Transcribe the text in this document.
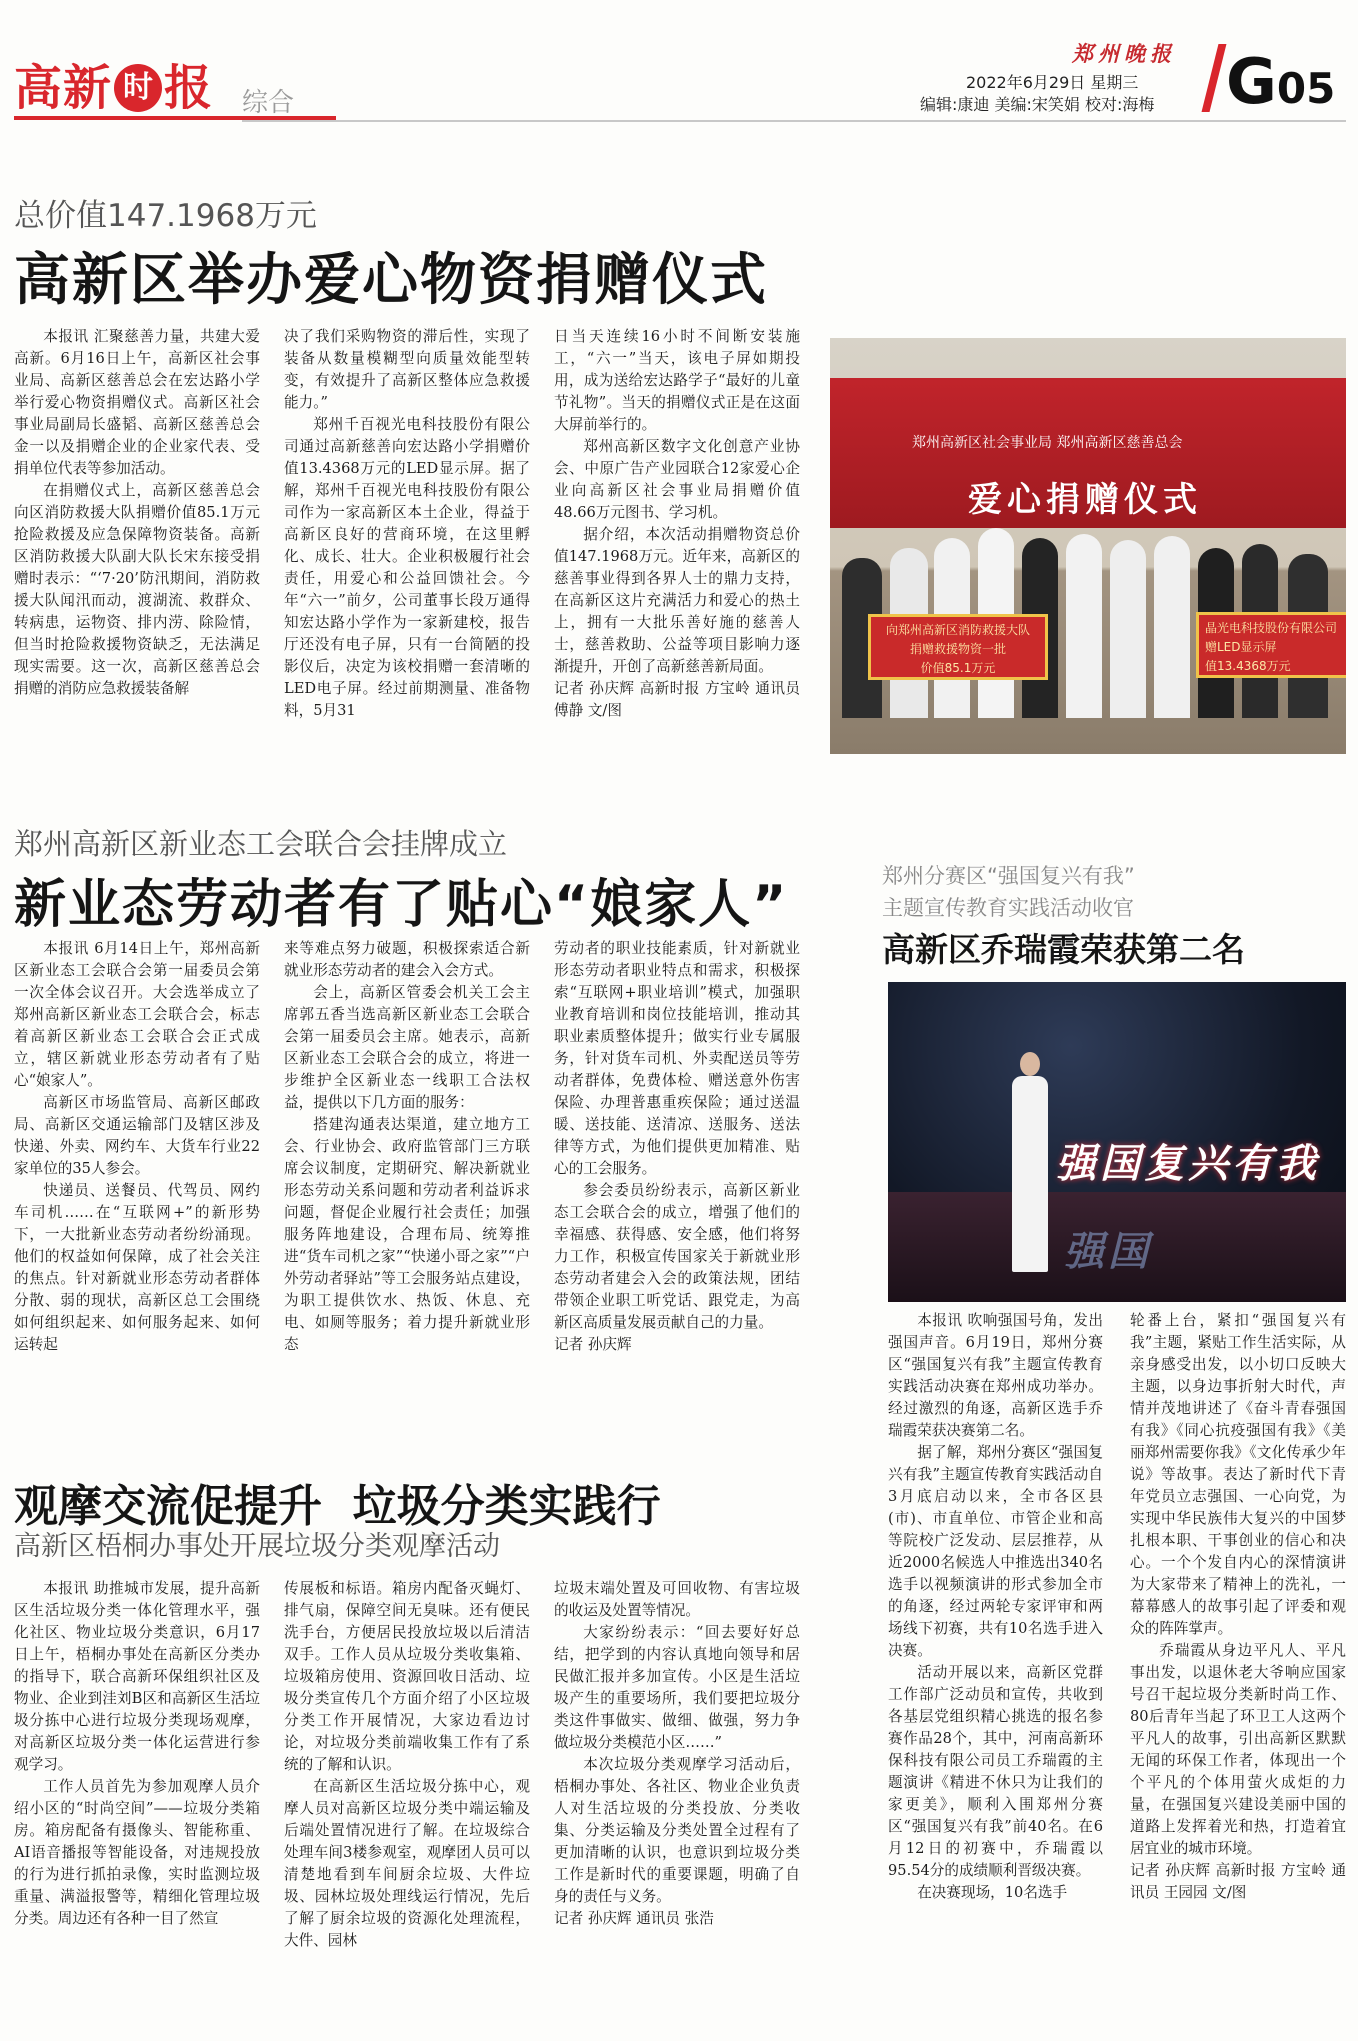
高新 时 报 综合
郑州晚报
2022年6月29日 星期三
编辑:康迪 美编:宋笑娟 校对:海梅 G05
总价值147.1968万元
高新区举办爱心物资捐赠仪式

本报讯 汇聚慈善力量，共建大爱高新。6月16日上午，高新区社会事业局、高新区慈善总会在宏达路小学举行爱心物资捐赠仪式。高新区社会事业局副局长盛韬、高新区慈善总会金一以及捐赠企业的企业家代表、受捐单位代表等参加活动。

在捐赠仪式上，高新区慈善总会向区消防救援大队捐赠价值85.1万元抢险救援及应急保障物资装备。高新区消防救援大队副大队长宋东接受捐赠时表示：“‘7·20’防汛期间，消防救援大队闻汛而动，渡湖流、救群众、转病患，运物资、排内涝、除险情，但当时抢险救援物资缺乏，无法满足现实需要。这一次，高新区慈善总会捐赠的消防应急救援装备解

决了我们采购物资的滞后性，实现了装备从数量模糊型向质量效能型转变，有效提升了高新区整体应急救援能力。”

郑州千百视光电科技股份有限公司通过高新慈善向宏达路小学捐赠价值13.4368万元的LED显示屏。据了解，郑州千百视光电科技股份有限公司作为一家高新区本土企业，得益于高新区良好的营商环境，在这里孵化、成长、壮大。企业积极履行社会责任，用爱心和公益回馈社会。今年“六一”前夕，公司董事长段万通得知宏达路小学作为一家新建校，报告厅还没有电子屏，只有一台简陋的投影仪后，决定为该校捐赠一套清晰的LED电子屏。经过前期测量、准备物料，5月31

日当天连续16小时不间断安装施工，“六一”当天，该电子屏如期投用，成为送给宏达路学子“最好的儿童节礼物”。当天的捐赠仪式正是在这面大屏前举行的。

郑州高新区数字文化创意产业协会、中原广告产业园联合12家爱心企业向高新区社会事业局捐赠价值48.66万元图书、学习机。

据介绍，本次活动捐赠物资总价值147.1968万元。近年来，高新区的慈善事业得到各界人士的鼎力支持，在高新区这片充满活力和爱心的热土上，拥有一大批乐善好施的慈善人士，慈善救助、公益等项目影响力逐渐提升，开创了高新慈善新局面。

记者 孙庆辉 高新时报 方宝岭 通讯员 傅静 文/图

郑州高新区社会事业局 郑州高新区慈善总会
爱心捐赠仪式
向郑州高新区消防救援大队
捐赠救援物资一批
价值85.1万元
晶光电科技股份有限公司
赠LED显示屏
值13.4368万元
郑州高新区新业态工会联合会挂牌成立
新业态劳动者有了贴心“娘家人”

本报讯 6月14日上午，郑州高新区新业态工会联合会第一届委员会第一次全体会议召开。大会选举成立了郑州高新区新业态工会联合会，标志着高新区新业态工会联合会正式成立，辖区新就业形态劳动者有了贴心“娘家人”。

高新区市场监管局、高新区邮政局、高新区交通运输部门及辖区涉及快递、外卖、网约车、大货车行业22家单位的35人参会。

快递员、送餐员、代驾员、网约车司机……在“互联网+”的新形势下，一大批新业态劳动者纷纷涌现。他们的权益如何保障，成了社会关注的焦点。针对新就业形态劳动者群体分散、弱的现状，高新区总工会围绕如何组织起来、如何服务起来、如何运转起

来等难点努力破题，积极探索适合新就业形态劳动者的建会入会方式。

会上，高新区管委会机关工会主席郭五香当选高新区新业态工会联合会第一届委员会主席。她表示，高新区新业态工会联合会的成立，将进一步维护全区新业态一线职工合法权益，提供以下几方面的服务：

搭建沟通表达渠道，建立地方工会、行业协会、政府监管部门三方联席会议制度，定期研究、解决新就业形态劳动关系问题和劳动者利益诉求问题，督促企业履行社会责任；加强服务阵地建设，合理布局、统筹推进“货车司机之家”“快递小哥之家”“户外劳动者驿站”等工会服务站点建设，为职工提供饮水、热饭、休息、充电、如厕等服务；着力提升新就业形态

劳动者的职业技能素质，针对新就业形态劳动者职业特点和需求，积极探索“互联网+职业培训”模式，加强职业教育培训和岗位技能培训，推动其职业素质整体提升；做实行业专属服务，针对货车司机、外卖配送员等劳动者群体，免费体检、赠送意外伤害保险、办理普惠重疾保险；通过送温暖、送技能、送清凉、送服务、送法律等方式，为他们提供更加精准、贴心的工会服务。

参会委员纷纷表示，高新区新业态工会联合会的成立，增强了他们的幸福感、获得感、安全感，他们将努力工作，积极宣传国家关于新就业形态劳动者建会入会的政策法规，团结带领企业职工听党话、跟党走，为高新区高质量发展贡献自己的力量。

记者 孙庆辉

郑州分赛区“强国复兴有我”
主题宣传教育实践活动收官
高新区乔瑞霞荣获第二名
强国复兴有我
强国

本报讯 吹响强国号角，发出强国声音。6月19日，郑州分赛区“强国复兴有我”主题宣传教育实践活动决赛在郑州成功举办。经过激烈的角逐，高新区选手乔瑞霞荣获决赛第二名。

据了解，郑州分赛区“强国复兴有我”主题宣传教育实践活动自3月底启动以来，全市各区县(市)、市直单位、市管企业和高等院校广泛发动、层层推荐，从近2000名候选人中推选出340名选手以视频演讲的形式参加全市的角逐，经过两轮专家评审和两场线下初赛，共有10名选手进入决赛。

活动开展以来，高新区党群工作部广泛动员和宣传，共收到各基层党组织精心挑选的报名参赛作品28个，其中，河南高新环保科技有限公司员工乔瑞霞的主题演讲《精进不休只为让我们的家更美》，顺利入围郑州分赛区“强国复兴有我”前40名。在6月12日的初赛中，乔瑞霞以95.54分的成绩顺利晋级决赛。

在决赛现场，10名选手

轮番上台，紧扣“强国复兴有我”主题，紧贴工作生活实际，从亲身感受出发，以小切口反映大主题，以身边事折射大时代，声情并茂地讲述了《奋斗青春强国有我》《同心抗疫强国有我》《美丽郑州需要你我》《文化传承少年说》等故事。表达了新时代下青年党员立志强国、一心向党，为实现中华民族伟大复兴的中国梦扎根本职、干事创业的信心和决心。一个个发自内心的深情演讲为大家带来了精神上的洗礼，一幕幕感人的故事引起了评委和观众的阵阵掌声。

乔瑞霞从身边平凡人、平凡事出发，以退休老大爷响应国家号召干起垃圾分类新时尚工作、80后青年当起了环卫工人这两个平凡人的故事，引出高新区默默无闻的环保工作者，体现出一个个平凡的个体用萤火成炬的力量，在强国复兴建设美丽中国的道路上发挥着光和热，打造着宜居宜业的城市环境。

记者 孙庆辉 高新时报 方宝岭 通讯员 王园园 文/图

观摩交流促提升  垃圾分类实践行
高新区梧桐办事处开展垃圾分类观摩活动

本报讯 助推城市发展，提升高新区生活垃圾分类一体化管理水平，强化社区、物业垃圾分类意识，6月17日上午，梧桐办事处在高新区分类办的指导下，联合高新环保组织社区及物业、企业到洼刘B区和高新区生活垃圾分拣中心进行垃圾分类现场观摩，对高新区垃圾分类一体化运营进行参观学习。

工作人员首先为参加观摩人员介绍小区的“时尚空间”——垃圾分类箱房。箱房配备有摄像头、智能称重、AI语音播报等智能设备，对违规投放的行为进行抓拍录像，实时监测垃圾重量、满溢报警等，精细化管理垃圾分类。周边还有各种一目了然宣

传展板和标语。箱房内配备灭蝇灯、排气扇，保障空间无臭味。还有便民洗手台，方便居民投放垃圾以后清洁双手。工作人员从垃圾分类收集箱、垃圾箱房使用、资源回收日活动、垃圾分类宣传几个方面介绍了小区垃圾分类工作开展情况，大家边看边讨论，对垃圾分类前端收集工作有了系统的了解和认识。

在高新区生活垃圾分拣中心，观摩人员对高新区垃圾分类中端运输及后端处置情况进行了解。在垃圾综合处理车间3楼参观室，观摩团人员可以清楚地看到车间厨余垃圾、大件垃圾、园林垃圾处理线运行情况，先后了解了厨余垃圾的资源化处理流程，大件、园林

垃圾末端处置及可回收物、有害垃圾的收运及处置等情况。

大家纷纷表示：“回去要好好总结，把学到的内容认真地向领导和居民做汇报并多加宣传。小区是生活垃圾产生的重要场所，我们要把垃圾分类这件事做实、做细、做强，努力争做垃圾分类模范小区……”

本次垃圾分类观摩学习活动后，梧桐办事处、各社区、物业企业负责人对生活垃圾的分类投放、分类收集、分类运输及分类处置全过程有了更加清晰的认识，也意识到垃圾分类工作是新时代的重要课题，明确了自身的责任与义务。

记者 孙庆辉 通讯员 张浩
